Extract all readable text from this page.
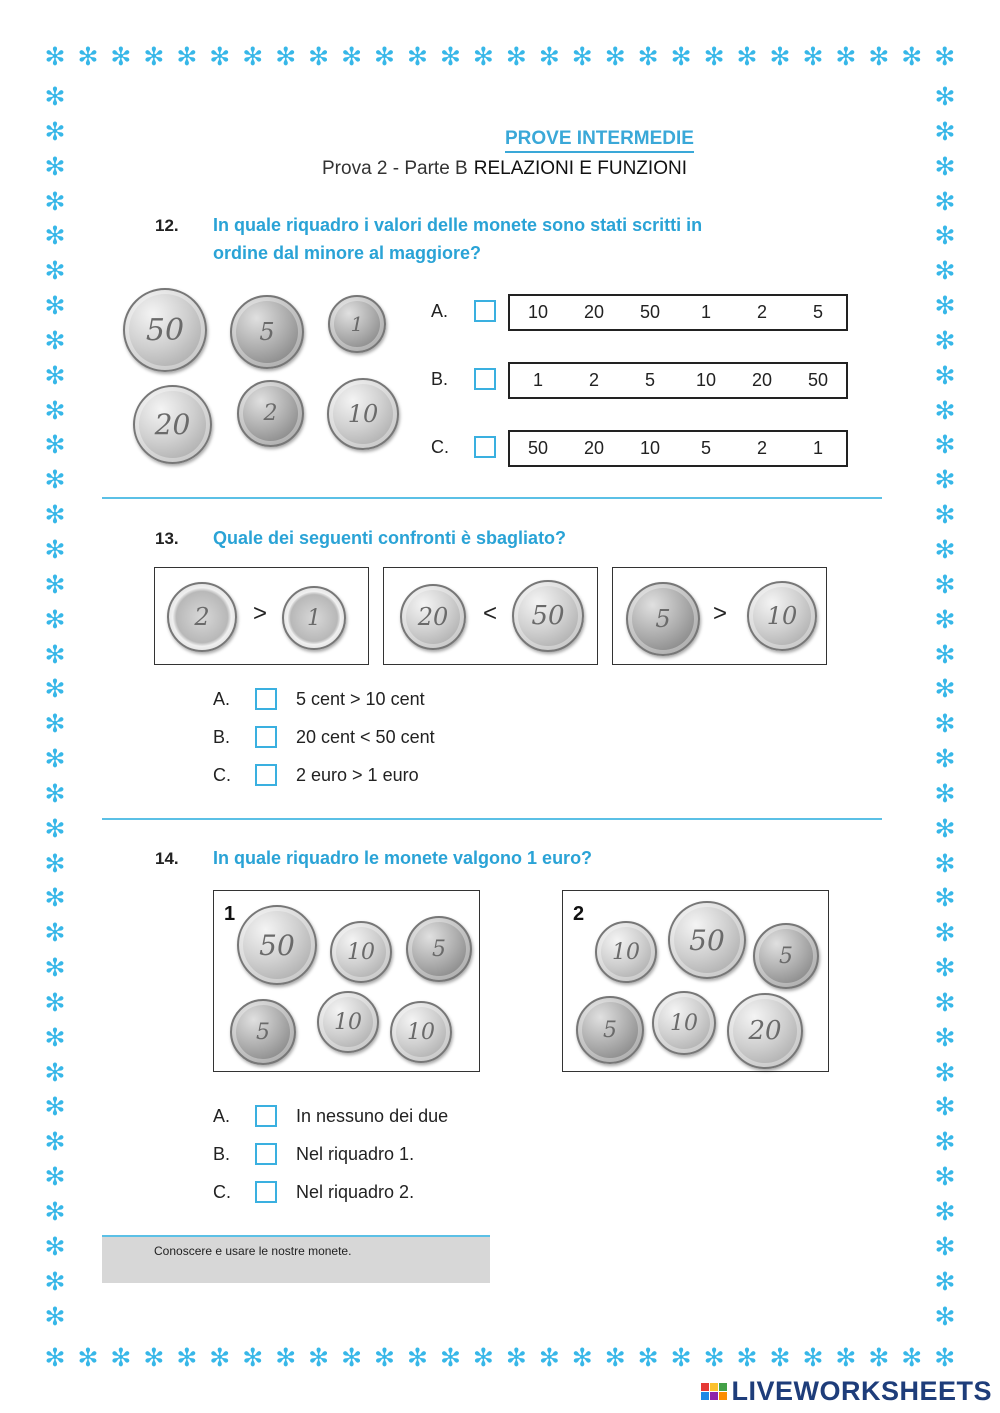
✻ ✻ ✻ ✻ ✻ ✻ ✻ ✻ ✻ ✻ ✻ ✻ ✻ ✻ ✻ ✻ ✻ ✻ ✻ ✻ ✻ ✻ ✻ ✻ ✻ ✻ ✻ ✻
✻ ✻ ✻ ✻ ✻ ✻ ✻ ✻ ✻ ✻ ✻ ✻ ✻ ✻ ✻ ✻ ✻ ✻ ✻ ✻ ✻ ✻ ✻ ✻ ✻ ✻ ✻ ✻
✻
✻
✻
✻
✻
✻
✻
✻
✻
✻
✻
✻
✻
✻
✻
✻
✻
✻
✻
✻
✻
✻
✻
✻
✻
✻
✻
✻
✻
✻
✻
✻
✻
✻
✻
✻
✻
✻
✻
✻
✻
✻
✻
✻
✻
✻
✻
✻
✻
✻
✻
✻
✻
✻
✻
✻
✻
✻
✻
✻
✻
✻
✻
✻
✻
✻
✻
✻
✻
✻
✻
✻
PROVE INTERMEDIE
Prova 2 - Parte B RELAZIONI E FUNZIONI
12. In quale riquadro i valori delle monete sono stati scritti in
ordine dal minore al maggiore?
50	5	1
20	2	10
A.	10	20	50	1	2	5
B.	1	2	5	10	20	50
C.	50	20	10	5	2	1
13. Quale dei seguenti confronti è sbagliato?
2	>	1	20	<	50	5	>	10
A.	5 cent > 10 cent
B.	20 cent < 50 cent
C.	2 euro > 1 euro
14. In quale riquadro le monete valgono 1 euro?
1
50	10	5
5	10	10
2
10	50	5
5	10	20
A.	In nessuno dei due
B.	Nel riquadro 1.
C.	Nel riquadro 2.
Conoscere e usare le nostre monete.
LIVEWORKSHEETS
